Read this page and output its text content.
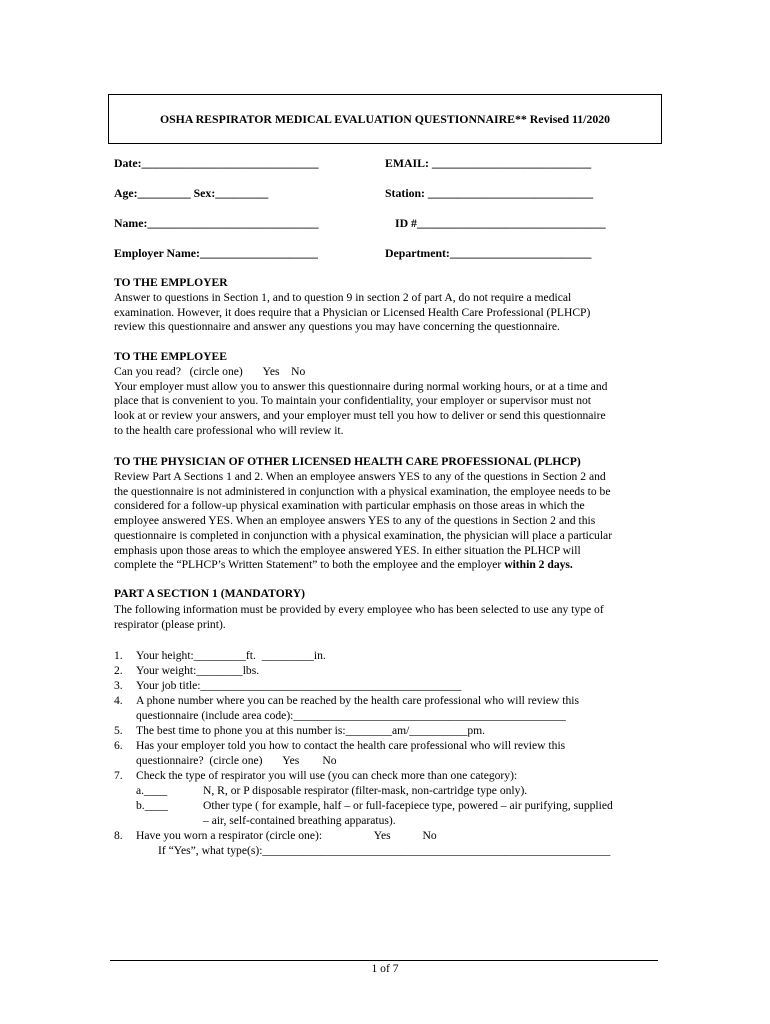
OSHA RESPIRATOR MEDICAL EVALUATION QUESTIONNAIRE** Revised 11/2020
Date:______________________________	EMAIL: ___________________________
Age:_________ Sex:_________	Station: ____________________________
Name:_____________________________	ID #________________________________
Employer Name:____________________	Department:________________________
TO THE EMPLOYER
Answer to questions in Section 1, and to question 9 in section 2 of part A, do not require a medical
examination. However, it does require that a Physician or Licensed Health Care Professional (PLHCP)
review this questionnaire and answer any questions you may have concerning the questionnaire.
TO THE EMPLOYEE
Can you read?   (circle one)       Yes    No
Your employer must allow you to answer this questionnaire during normal working hours, or at a time and
place that is convenient to you. To maintain your confidentiality, your employer or supervisor must not
look at or review your answers, and your employer must tell you how to deliver or send this questionnaire
to the health care professional who will review it.
TO THE PHYSICIAN OF OTHER LICENSED HEALTH CARE PROFESSIONAL (PLHCP)
Review Part A Sections 1 and 2. When an employee answers YES to any of the questions in Section 2 and
the questionnaire is not administered in conjunction with a physical examination, the employee needs to be
considered for a follow-up physical examination with particular emphasis on those areas in which the
employee answered YES. When an employee answers YES to any of the questions in Section 2 and this
questionnaire is completed in conjunction with a physical examination, the physician will place a particular
emphasis upon those areas to which the employee answered YES. In either situation the PLHCP will
complete the “PLHCP’s Written Statement” to both the employee and the employer within 2 days.
PART A SECTION 1 (MANDATORY)
The following information must be provided by every employee who has been selected to use any type of
respirator (please print).
1. Your height:_________ft.  _________in.
2. Your weight:________lbs.
3. Your job title:_____________________________________________
4. A phone number where you can be reached by the health care professional who will review this
questionnaire (include area code):_______________________________________________
5. The best time to phone you at this number is:________am/__________pm.
6. Has your employer told you how to contact the health care professional who will review this
questionnaire?  (circle one)       Yes        No
7. Check the type of respirator you will use (you can check more than one category):
a.____	N, R, or P disposable respirator (filter-mask, non-cartridge type only).
b.____	Other type ( for example, half – or full-facepiece type, powered – air purifying, supplied
– air, self-contained breathing apparatus).
8. Have you worn a respirator (circle one):                  Yes           No
If “Yes”, what type(s):____________________________________________________________
1 of 7
